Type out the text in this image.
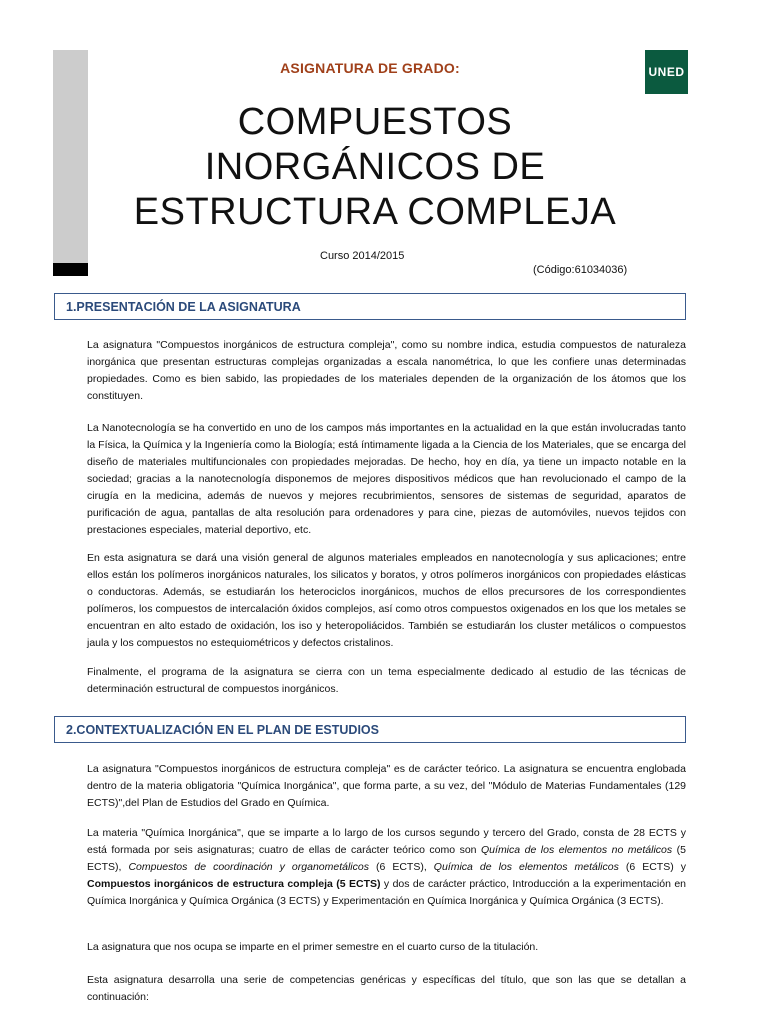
ASIGNATURA DE GRADO:	UNED
COMPUESTOS
INORGÁNICOS DE
ESTRUCTURA COMPLEJA
Curso 2014/2015
(Código:61034036)
1.PRESENTACIÓN DE LA ASIGNATURA

La asignatura "Compuestos inorgánicos de estructura compleja", como su nombre indica, estudia compuestos de naturaleza inorgánica que presentan estructuras complejas organizadas a escala nanométrica, lo que les confiere unas determinadas propiedades. Como es bien sabido, las propiedades de los materiales dependen de la organización de los átomos que los constituyen.

La Nanotecnología se ha convertido en uno de los campos más importantes en la actualidad en la que están involucradas tanto la Física, la Química y la Ingeniería como la Biología; está íntimamente ligada a la Ciencia de los Materiales, que se encarga del diseño de materiales multifuncionales con propiedades mejoradas. De hecho, hoy en día, ya tiene un impacto notable en la sociedad; gracias a la nanotecnología disponemos de mejores dispositivos médicos que han revolucionado el campo de la cirugía en la medicina, además de nuevos y mejores recubrimientos, sensores de sistemas de seguridad, aparatos de purificación de agua, pantallas de alta resolución para ordenadores y para cine, piezas de automóviles, nuevos tejidos con prestaciones especiales, material deportivo, etc.

En esta asignatura se dará una visión general de algunos materiales empleados en nanotecnología y sus aplicaciones; entre ellos están los polímeros inorgánicos naturales, los silicatos y boratos, y otros polímeros inorgánicos con propiedades elásticas o conductoras. Además, se estudiarán los heterociclos inorgánicos, muchos de ellos precursores de los correspondientes polímeros, los compuestos de intercalación óxidos complejos, así como otros compuestos oxigenados en los que los metales se encuentran en alto estado de oxidación, los iso y heteropoliácidos. También se estudiarán los cluster metálicos o compuestos jaula y los compuestos no estequiométricos y defectos cristalinos.

Finalmente, el programa de la asignatura se cierra con un tema especialmente dedicado al estudio de las técnicas de determinación estructural de compuestos inorgánicos.

2.CONTEXTUALIZACIÓN EN EL PLAN DE ESTUDIOS

La asignatura "Compuestos inorgánicos de estructura compleja" es de carácter teórico. La asignatura se encuentra englobada dentro de la materia obligatoria "Química Inorgánica", que forma parte, a su vez, del "Módulo de Materias Fundamentales (129 ECTS)",del Plan de Estudios del Grado en Química.

La materia "Química Inorgánica", que se imparte a lo largo de los cursos segundo y tercero del Grado, consta de 28 ECTS y está formada por seis asignaturas; cuatro de ellas de carácter teórico como son Química de los elementos no metálicos (5 ECTS), Compuestos de coordinación y organometálicos (6 ECTS), Química de los elementos metálicos (6 ECTS) y Compuestos inorgánicos de estructura compleja (5 ECTS) y dos de carácter práctico, Introducción a la experimentación en Química Inorgánica y Química Orgánica (3 ECTS) y Experimentación en Química Inorgánica y Química Orgánica (3 ECTS).

La asignatura que nos ocupa se imparte en el primer semestre en el cuarto curso de la titulación.

Esta asignatura desarrolla una serie de competencias genéricas y específicas del título, que son las que se detallan a continuación:
